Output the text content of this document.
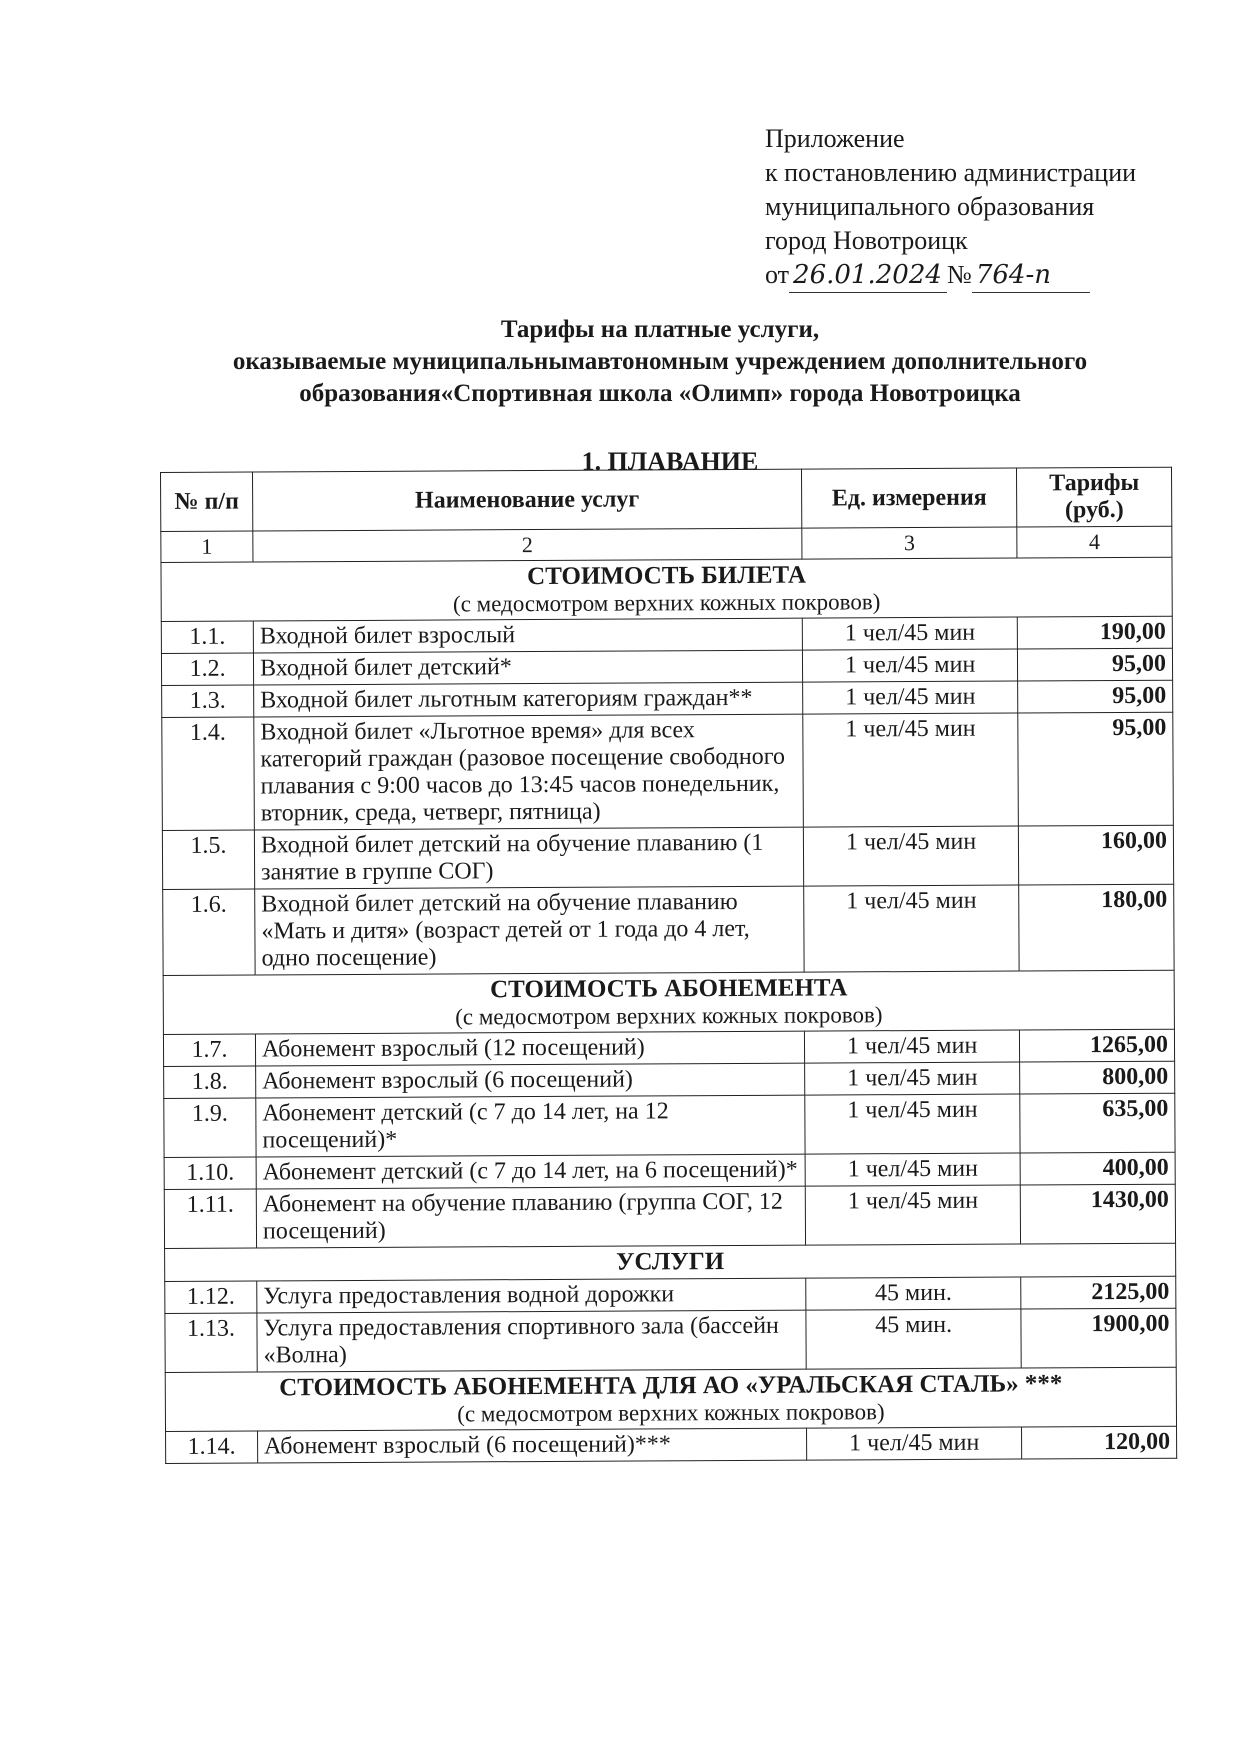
Приложение
к постановлению администрации
муниципального образования
город Новотроицк
от 26.01.2024 № 764-п
Тарифы на платные услуги,
оказываемые муниципальнымавтономным учреждением дополнительного
образования«Спортивная школа «Олимп» города Новотроицка
1. ПЛАВАНИЕ
№ п/п	Наименование услуг	Ед. измерения	Тарифы (руб.)
1	2	3	4

СТОИМОСТЬ БИЛЕТА
(с медосмотром верхних кожных покровов)			

1.1.	Входной билет взрослый	1 чел/45 мин	190,00
1.2.	Входной билет детский*	1 чел/45 мин	95,00
1.3.	Входной билет льготным категориям граждан**	1 чел/45 мин	95,00
1.4.	Входной билет «Льготное время» для всех категорий граждан (разовое посещение свободного плавания с 9:00 часов до 13:45 часов понедельник, вторник, среда, четверг, пятница)	1 чел/45 мин	95,00
1.5.	Входной билет детский на обучение плаванию (1 занятие в группе СОГ)	1 чел/45 мин	160,00
1.6.	Входной билет детский на обучение плаванию «Мать и дитя» (возраст детей от 1 года до 4 лет, одно посещение)	1 чел/45 мин	180,00

СТОИМОСТЬ АБОНЕМЕНТА
(с медосмотром верхних кожных покровов)			

1.7.	Абонемент взрослый (12 посещений)	1 чел/45 мин	1265,00
1.8.	Абонемент взрослый (6 посещений)	1 чел/45 мин	800,00
1.9.	Абонемент детский (с 7 до 14 лет, на 12 посещений)*	1 чел/45 мин	635,00
1.10.	Абонемент детский (с 7 до 14 лет, на 6 посещений)*	1 чел/45 мин	400,00
1.11.	Абонемент на обучение плаванию (группа СОГ, 12 посещений)	1 чел/45 мин	1430,00

УСЛУГИ			

1.12.	Услуга предоставления водной дорожки	45 мин.	2125,00
1.13.	Услуга предоставления спортивного зала (бассейн «Волна)	45 мин.	1900,00

СТОИМОСТЬ АБОНЕМЕНТА ДЛЯ АО «УРАЛЬСКАЯ СТАЛЬ» ***
(с медосмотром верхних кожных покровов)			

1.14.	Абонемент взрослый (6 посещений)***	1 чел/45 мин	120,00
